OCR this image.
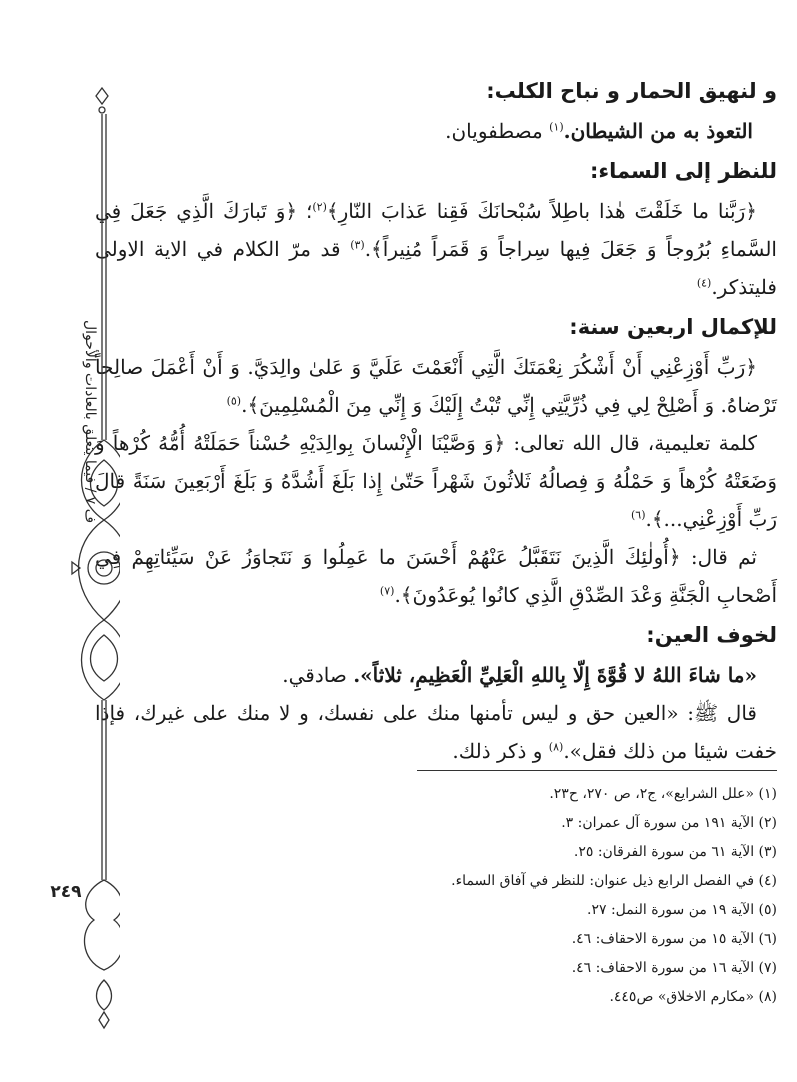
و لنهيق الحمار و نباح الكلب:

التعوذ به من الشيطان.$^{(١)}$ مصطفويان.

للنظر إلى السماء:

﴿رَبَّنا ما خَلَقْتَ هٰذا باطِلاً سُبْحانَكَ فَقِنا عَذابَ النّارِ﴾$^{(٢)}$؛ ﴿وَ تَبارَكَ الَّذِي جَعَلَ فِي السَّماءِ بُرُوجاً وَ جَعَلَ فِيها سِراجاً وَ قَمَراً مُنِيراً﴾.$^{(٣)}$ قد مرّ الكلام في الاية الاولى فليتذكر.$^{(٤)}$

للإكمال اربعين سنة:

﴿رَبِّ أَوْزِعْنِي أَنْ أَشْكُرَ نِعْمَتَكَ الَّتِي أَنْعَمْتَ عَلَيَّ وَ عَلىٰ والِدَيَّ. وَ أَنْ أَعْمَلَ صالِحاً تَرْضاهُ. وَ أَصْلِحْ لِي فِي ذُرِّيَّتِي إِنِّي تُبْتُ إِلَيْكَ وَ إِنِّي مِنَ الْمُسْلِمِينَ﴾.$^{(٥)}$

كلمة تعليمية، قال الله تعالى: ﴿وَ وَصَّيْنَا الْإِنْسانَ بِوالِدَيْهِ حُسْناً حَمَلَتْهُ أُمُّهُ كُرْهاً وَ وَضَعَتْهُ كُرْهاً وَ حَمْلُهُ وَ فِصالُهُ ثَلاثُونَ شَهْراً حَتّىٰ إِذا بَلَغَ أَشُدَّهُ وَ بَلَغَ أَرْبَعِينَ سَنَةً قالَ رَبِّ أَوْزِعْنِي...﴾.$^{(٦)}$

ثم قال: ﴿أُولٰئِكَ الَّذِينَ نَتَقَبَّلُ عَنْهُمْ أَحْسَنَ ما عَمِلُوا وَ نَتَجاوَزُ عَنْ سَيِّئاتِهِمْ فِي أَصْحابِ الْجَنَّةِ وَعْدَ الصِّدْقِ الَّذِي كانُوا يُوعَدُونَ﴾.$^{(٧)}$

لخوف العين:

«ما شاءَ اللهُ لا قُوَّةَ إِلّا بِاللهِ الْعَلِيِّ الْعَظِيمِ، ثلاثاً». صادقي.

قال ﷺ: «العين حق و ليس تأمنها منك على نفسك، و لا منك على غيرك، فإذا خفت شيئا من ذلك فقل».$^{(٨)}$ و ذكر ذلك.

(١) «علل الشرايع»، ج٢، ص ٢٧٠، ح٢٣.
(٢) الآية ١٩١ من سورة آل عمران: ٣.
(٣) الآية ٦١ من سورة الفرقان: ٢٥.
(٤) في الفصل الرابع ذيل عنوان: للنظر في آفاق السماء.
(٥) الآية ١٩ من سورة النمل: ٢٧.
(٦) الآية ١٥ من سورة الاحقاف: ٤٦.
(٧) الآية ١٦ من سورة الاحقاف: ٤٦.
(٨) «مكارم الاخلاق» ص٤٤٥.
ف ٧ / فيما يتعلق بالعادات والأحوال
٢٤٩
